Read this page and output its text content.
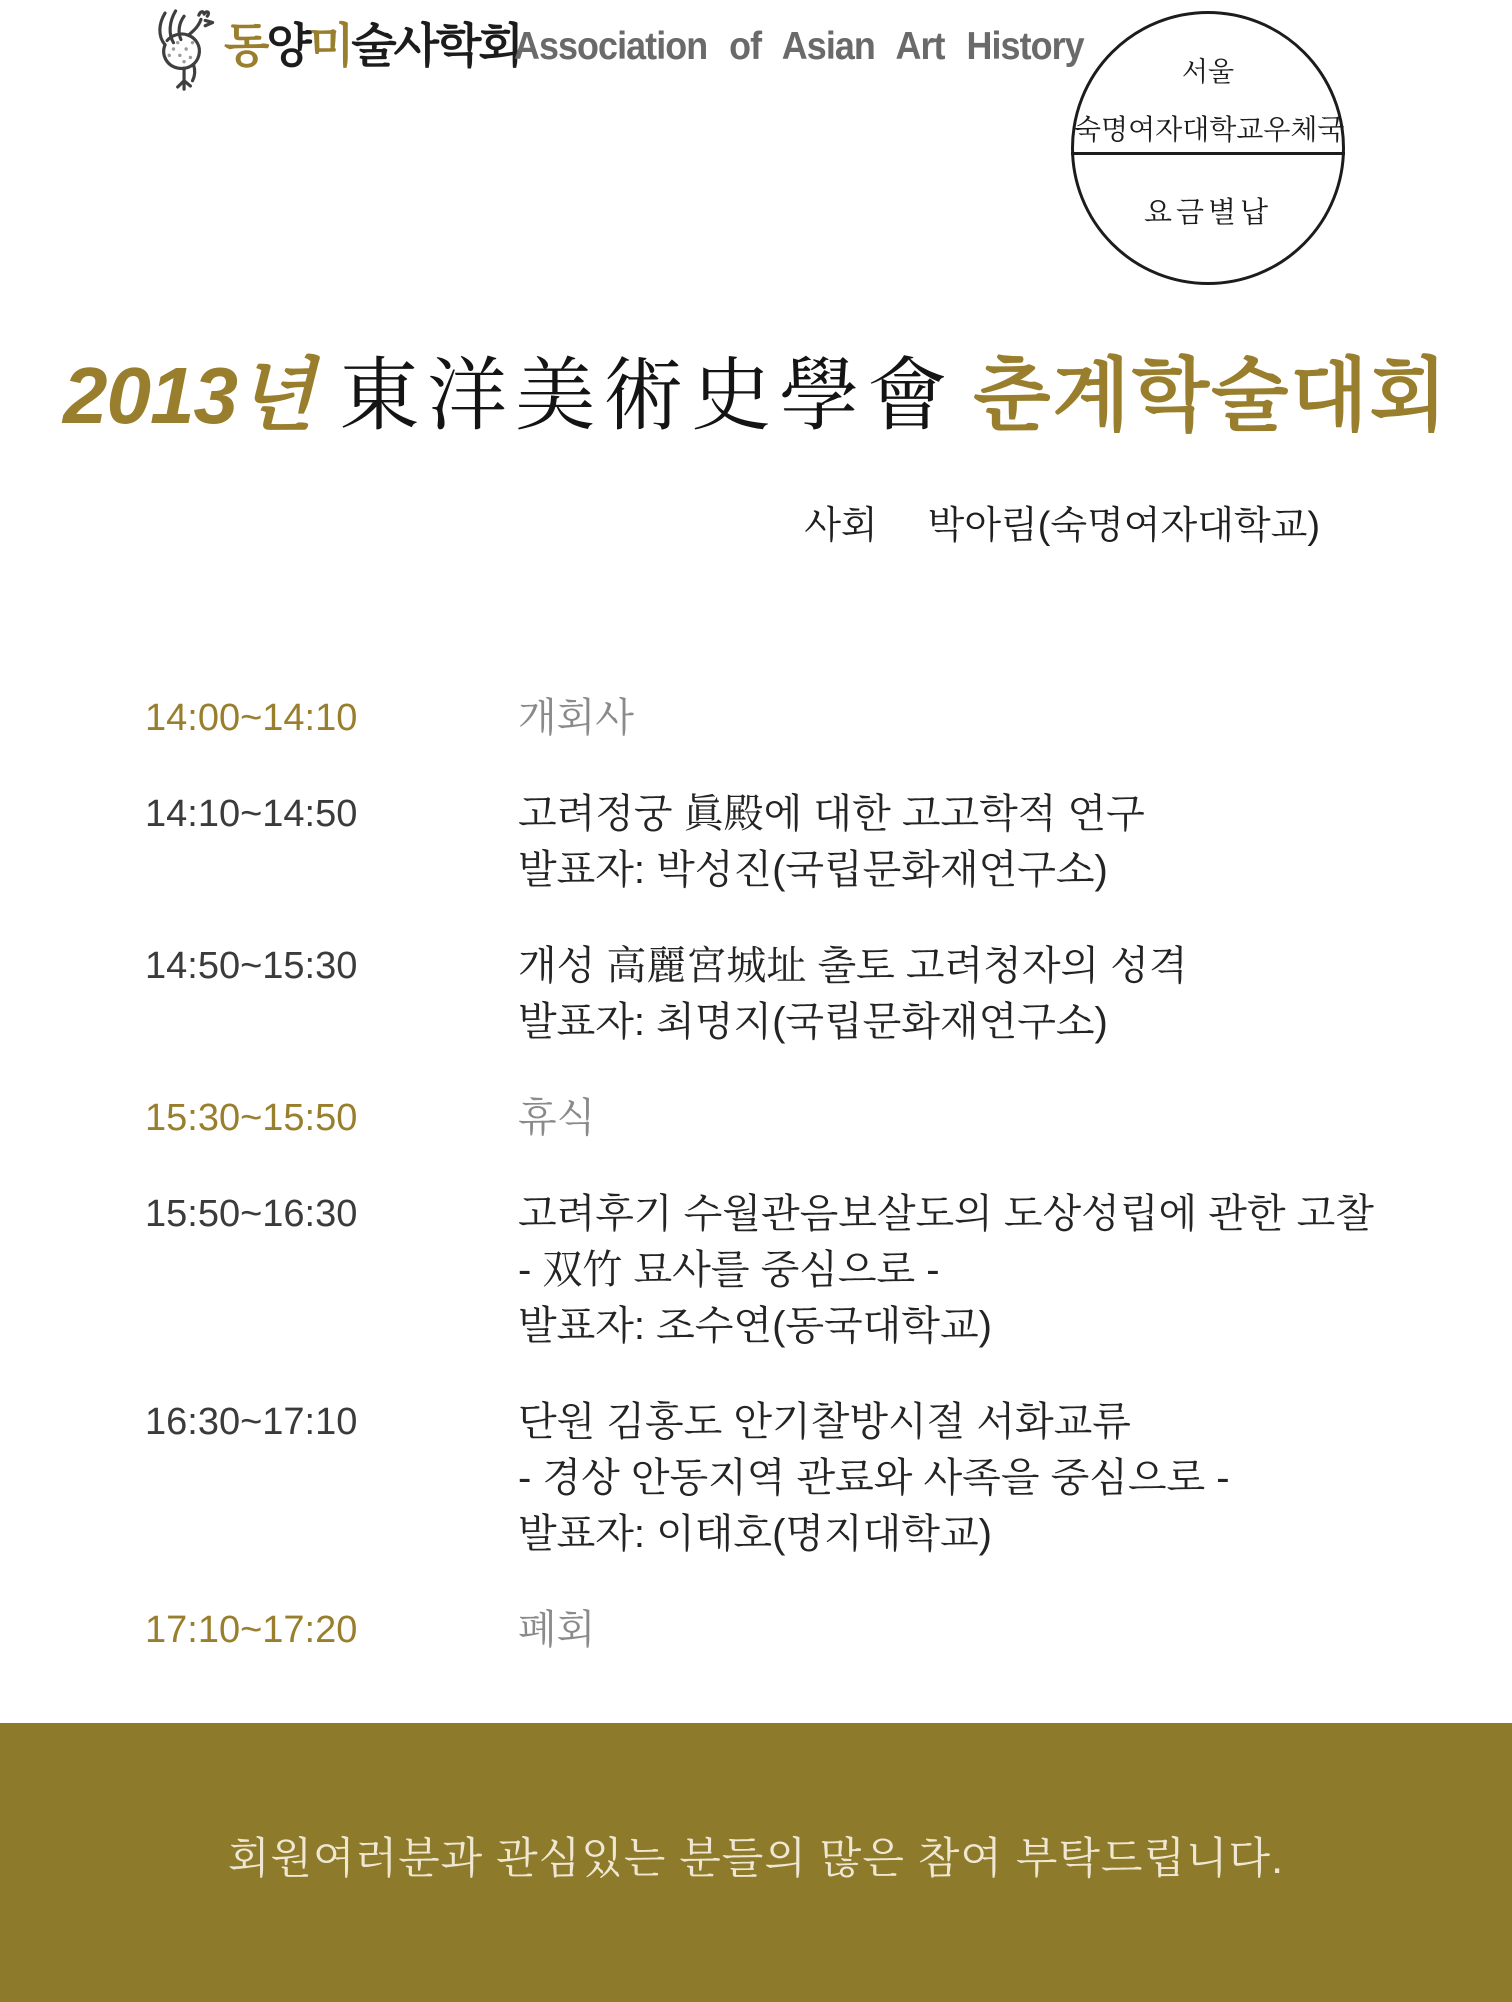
동양미술사학회
Association of Asian Art History
서울
숙명여자대학교우체국
요금별납
2013년 東洋美術史學會 춘계학술대회
사회 박아림(숙명여자대학교)
14:00~14:10	개회사
14:10~14:50	고려정궁 眞殿에 대한 고고학적 연구
발표자: 박성진(국립문화재연구소)
14:50~15:30	개성 高麗宮城址 출토 고려청자의 성격
발표자: 최명지(국립문화재연구소)
15:30~15:50	휴식
15:50~16:30	고려후기 수월관음보살도의 도상성립에 관한 고찰
- 双竹 묘사를 중심으로 -
발표자: 조수연(동국대학교)
16:30~17:10	단원 김홍도 안기찰방시절 서화교류
- 경상 안동지역 관료와 사족을 중심으로 -
발표자: 이태호(명지대학교)
17:10~17:20	폐회
회원여러분과 관심있는 분들의 많은 참여 부탁드립니다.
